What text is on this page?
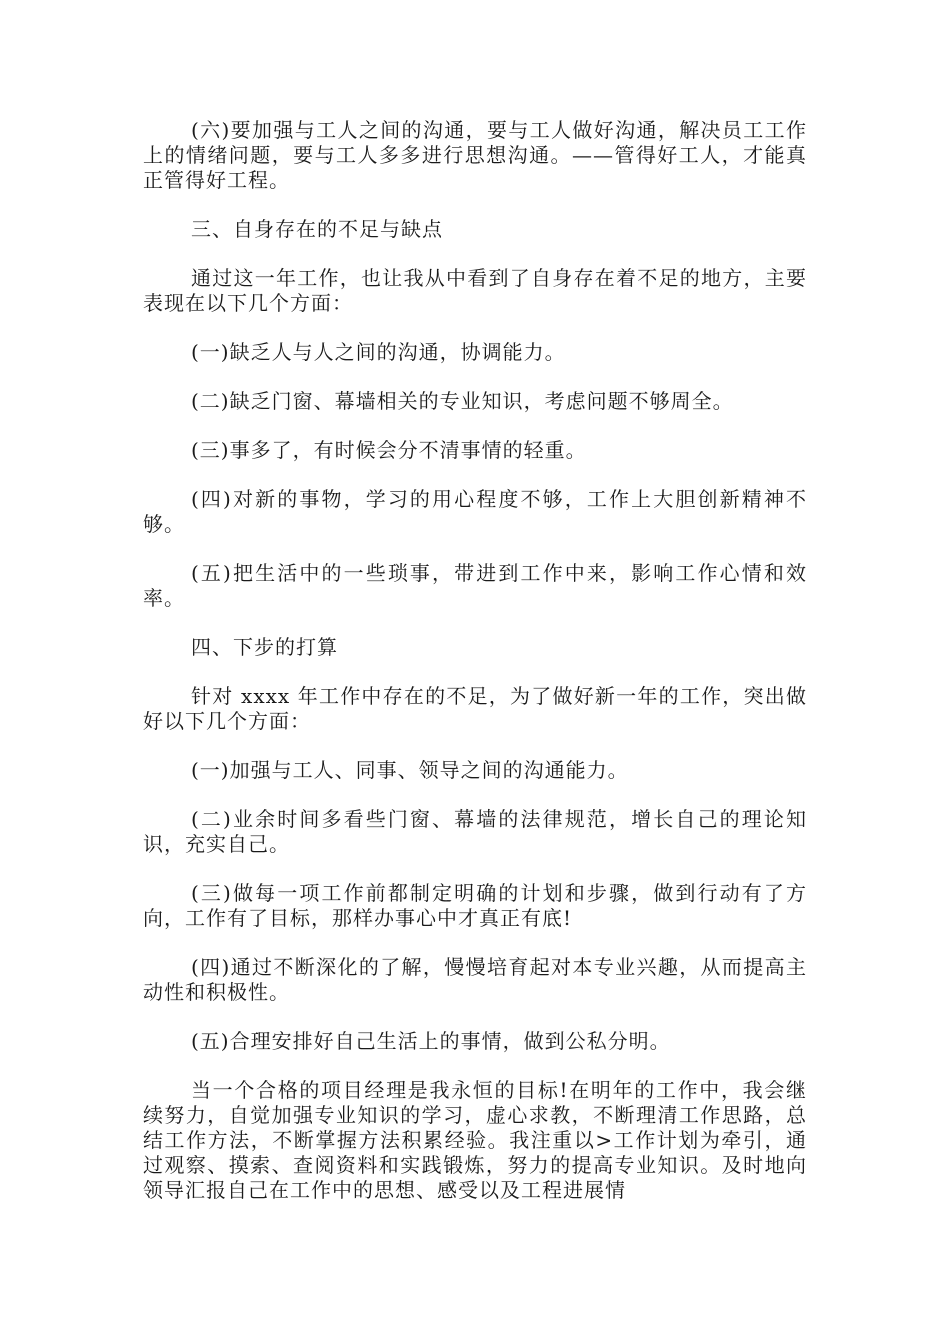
(六)要加强与工人之间的沟通，要与工人做好沟通，解决员工工作上的情绪问题，要与工人多多进行思想沟通。——管得好工人，才能真正管得好工程。

三、自身存在的不足与缺点

通过这一年工作，也让我从中看到了自身存在着不足的地方，主要表现在以下几个方面：

(一)缺乏人与人之间的沟通，协调能力。

(二)缺乏门窗、幕墙相关的专业知识，考虑问题不够周全。

(三)事多了，有时候会分不清事情的轻重。

(四)对新的事物，学习的用心程度不够，工作上大胆创新精神不够。

(五)把生活中的一些琐事，带进到工作中来，影响工作心情和效率。

四、下步的打算

针对 xxxx 年工作中存在的不足，为了做好新一年的工作，突出做好以下几个方面：

(一)加强与工人、同事、领导之间的沟通能力。

(二)业余时间多看些门窗、幕墙的法律规范，增长自己的理论知识，充实自己。

(三)做每一项工作前都制定明确的计划和步骤，做到行动有了方向，工作有了目标，那样办事心中才真正有底!

(四)通过不断深化的了解，慢慢培育起对本专业兴趣，从而提高主动性和积极性。

(五)合理安排好自己生活上的事情，做到公私分明。

当一个合格的项目经理是我永恒的目标!在明年的工作中，我会继续努力，自觉加强专业知识的学习，虚心求教，不断理清工作思路，总结工作方法，不断掌握方法积累经验。我注重以>工作计划为牵引，通过观察、摸索、查阅资料和实践锻炼，努力的提高专业知识。及时地向领导汇报自己在工作中的思想、感受以及工程进展情
